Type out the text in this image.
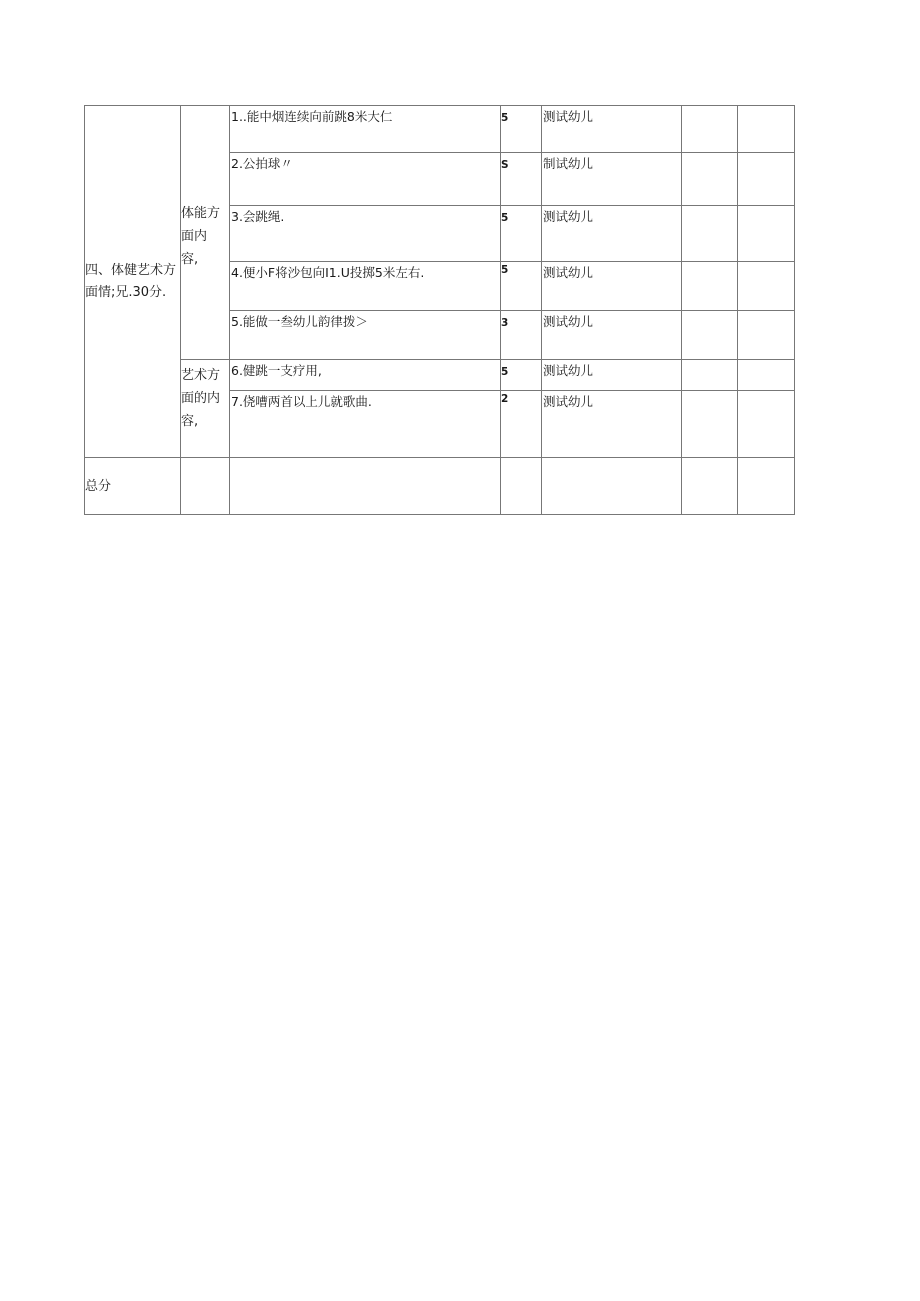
四、体健艺术方
面情;兄.30分.	体能方
面内
容,	1..能中烟连续向前跳8米大仁	5	测试幼儿		

		2.公拍球〃	S	制试幼儿		

		3.会跳绳.	5	测试幼儿		

		4.便小F将沙包向I1.U投掷5米左右.	5	测试幼儿		

		5.能做一叁幼儿韵律拨＞	3	测试幼儿		

	艺术方
面的内
容,	6.健跳一支疗用,	5	测试幼儿		

		7.侥嘈两首以上儿就歌曲.	2	测试幼儿		

总分						
